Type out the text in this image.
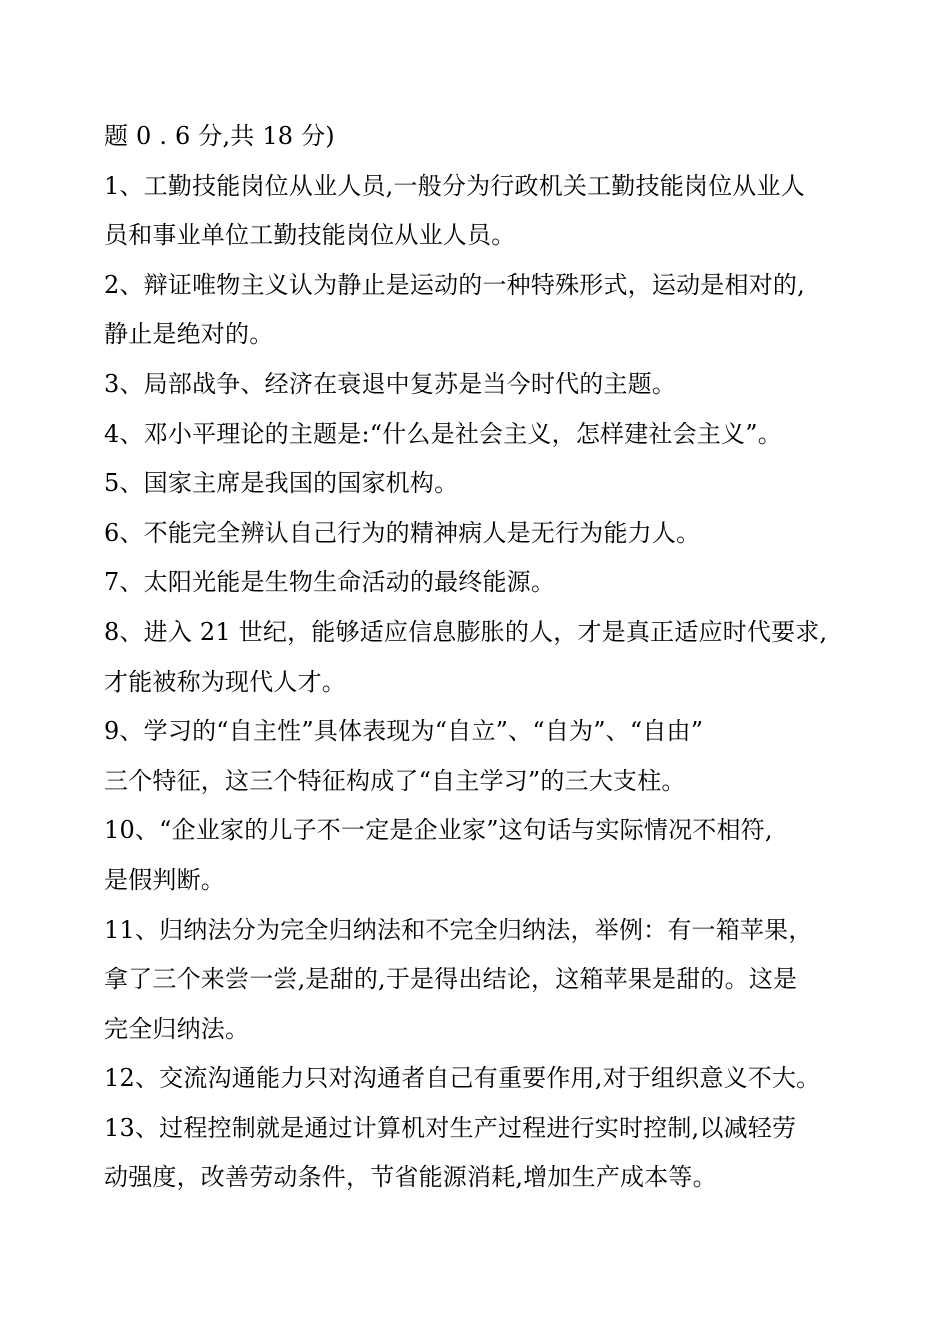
题 0 . 6 分,共 18 分)
1、工勤技能岗位从业人员,一般分为行政机关工勤技能岗位从业人
员和事业单位工勤技能岗位从业人员。
2、辩证唯物主义认为静止是运动的一种特殊形式，运动是相对的,
静止是绝对的。
3、局部战争、经济在衰退中复苏是当今时代的主题。
4、邓小平理论的主题是:“什么是社会主义，怎样建社会主义”。
5、国家主席是我国的国家机构。
6、不能完全辨认自己行为的精神病人是无行为能力人。
7、太阳光能是生物生命活动的最终能源。
8、进入 21 世纪，能够适应信息膨胀的人，才是真正适应时代要求,
才能被称为现代人才。
9、学习的“自主性”具体表现为“自立”、“自为”、“自由”
三个特征，这三个特征构成了“自主学习”的三大支柱。
10、“企业家的儿子不一定是企业家”这句话与实际情况不相符,
是假判断。
11、归纳法分为完全归纳法和不完全归纳法，举例：有一箱苹果，
拿了三个来尝一尝,是甜的,于是得出结论，这箱苹果是甜的。这是
完全归纳法。
12、交流沟通能力只对沟通者自己有重要作用,对于组织意义不大。
13、过程控制就是通过计算机对生产过程进行实时控制,以减轻劳
动强度，改善劳动条件，节省能源消耗,增加生产成本等。
